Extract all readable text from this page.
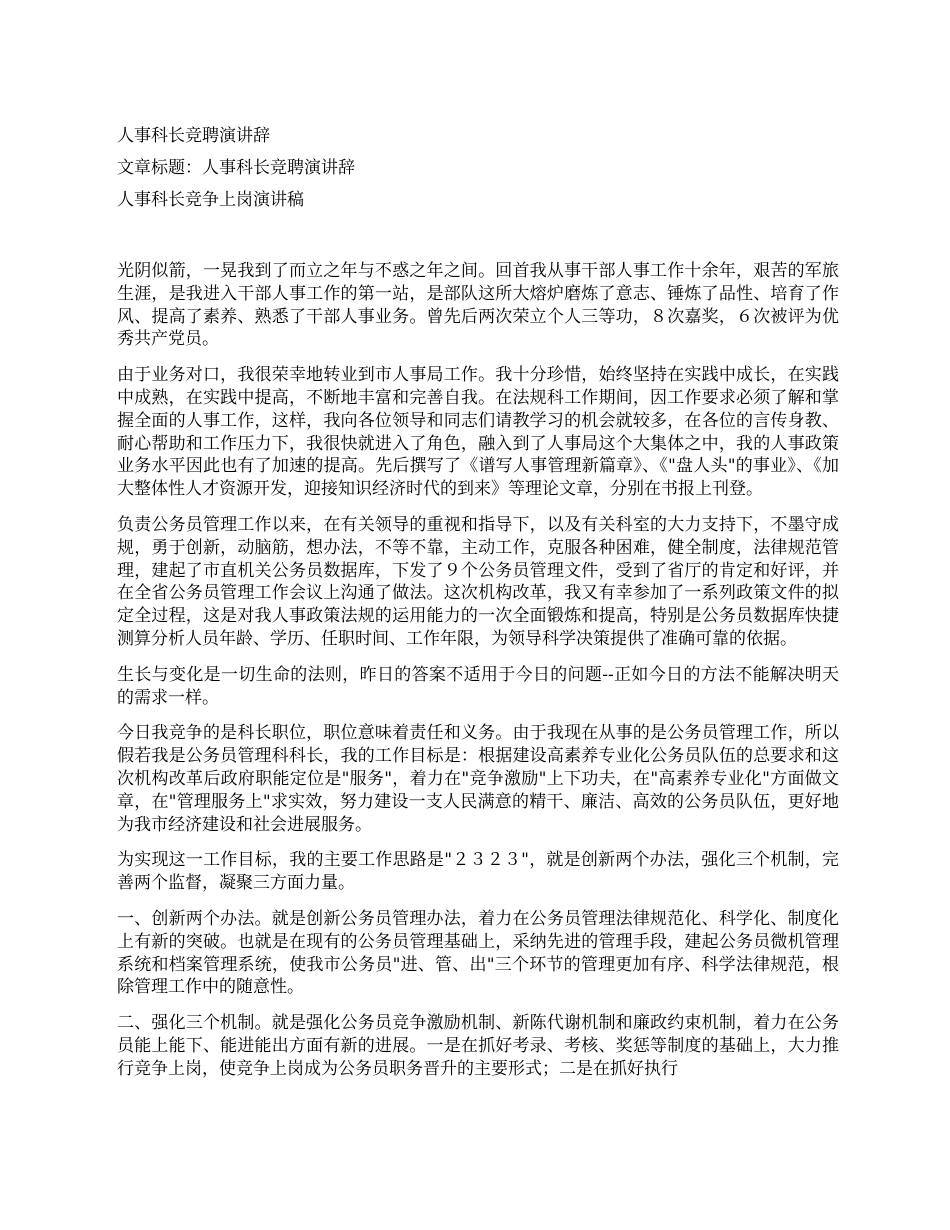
人事科长竞聘演讲辞
文章标题：人事科长竞聘演讲辞
人事科长竞争上岗演讲稿

光阴似箭，一晃我到了而立之年与不惑之年之间。回首我从事干部人事工作十余年，艰苦的军旅生涯，是我进入干部人事工作的第一站，是部队这所大熔炉磨炼了意志、锤炼了品性、培育了作风、提高了素养、熟悉了干部人事业务。曾先后两次荣立个人三等功，８次嘉奖，６次被评为优秀共产党员。

由于业务对口，我很荣幸地转业到市人事局工作。我十分珍惜，始终坚持在实践中成长，在实践中成熟，在实践中提高，不断地丰富和完善自我。在法规科工作期间，因工作要求必须了解和掌握全面的人事工作，这样，我向各位领导和同志们请教学习的机会就较多，在各位的言传身教、耐心帮助和工作压力下，我很快就进入了角色，融入到了人事局这个大集体之中，我的人事政策业务水平因此也有了加速的提高。先后撰写了《谱写人事管理新篇章》、《"盘人头"的事业》、《加大整体性人才资源开发，迎接知识经济时代的到来》等理论文章，分别在书报上刊登。

负责公务员管理工作以来，在有关领导的重视和指导下，以及有关科室的大力支持下，不墨守成规，勇于创新，动脑筋，想办法，不等不靠，主动工作，克服各种困难，健全制度，法律规范管理，建起了市直机关公务员数据库，下发了９个公务员管理文件，受到了省厅的肯定和好评，并在全省公务员管理工作会议上沟通了做法。这次机构改革，我又有幸参加了一系列政策文件的拟定全过程，这是对我人事政策法规的运用能力的一次全面锻炼和提高，特别是公务员数据库快捷测算分析人员年龄、学历、任职时间、工作年限，为领导科学决策提供了准确可靠的依据。

生长与变化是一切生命的法则，昨日的答案不适用于今日的问题--正如今日的方法不能解决明天的需求一样。

今日我竞争的是科长职位，职位意味着责任和义务。由于我现在从事的是公务员管理工作，所以假若我是公务员管理科科长，我的工作目标是：根据建设高素养专业化公务员队伍的总要求和这次机构改革后政府职能定位是"服务"，着力在"竞争激励"上下功夫，在"高素养专业化"方面做文章，在"管理服务上"求实效，努力建设一支人民满意的精干、廉洁、高效的公务员队伍，更好地为我市经济建设和社会进展服务。

为实现这一工作目标，我的主要工作思路是"２３２３"，就是创新两个办法，强化三个机制，完善两个监督，凝聚三方面力量。

一、创新两个办法。就是创新公务员管理办法，着力在公务员管理法律规范化、科学化、制度化上有新的突破。也就是在现有的公务员管理基础上，采纳先进的管理手段，建起公务员微机管理系统和档案管理系统，使我市公务员"进、管、出"三个环节的管理更加有序、科学法律规范，根除管理工作中的随意性。

二、强化三个机制。就是强化公务员竞争激励机制、新陈代谢机制和廉政约束机制，着力在公务员能上能下、能进能出方面有新的进展。一是在抓好考录、考核、奖惩等制度的基础上，大力推行竞争上岗，使竞争上岗成为公务员职务晋升的主要形式；二是在抓好执行
